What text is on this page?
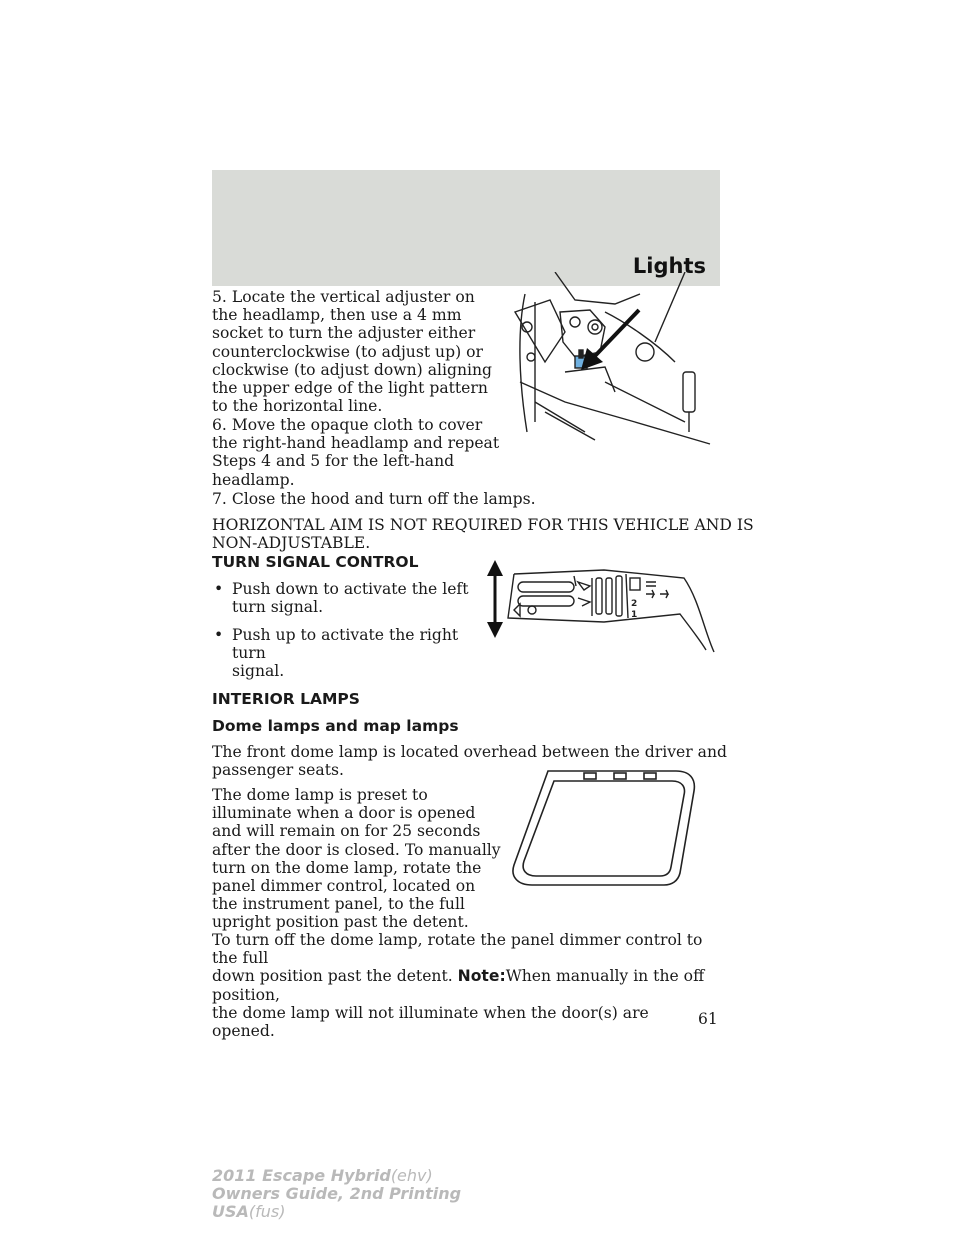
Lights
5. Locate the vertical adjuster on
the headlamp, then use a 4 mm
socket to turn the adjuster either
counterclockwise (to adjust up) or
clockwise (to adjust down) aligning
the upper edge of the light pattern
to the horizontal line.
6. Move the opaque cloth to cover
the right-hand headlamp and repeat
Steps 4 and 5 for the left-hand
headlamp.
7. Close the hood and turn off the lamps.
HORIZONTAL AIM IS NOT REQUIRED FOR THIS VEHICLE AND IS
NON-ADJUSTABLE.
TURN SIGNAL CONTROL
• Push down to activate the left
turn signal.
• Push up to activate the right turn
signal.
2
1
INTERIOR LAMPS
Dome lamps and map lamps
The front dome lamp is located overhead between the driver and
passenger seats.
The dome lamp is preset to
illuminate when a door is opened
and will remain on for 25 seconds
after the door is closed. To manually
turn on the dome lamp, rotate the
panel dimmer control, located on
the instrument panel, to the full
upright position past the detent.
To turn off the dome lamp, rotate the panel dimmer control to the full
down position past the detent. Note:When manually in the off position,
the dome lamp will not illuminate when the door(s) are opened.
61
2011 Escape Hybrid(ehv)
Owners Guide, 2nd Printing
USA(fus)
